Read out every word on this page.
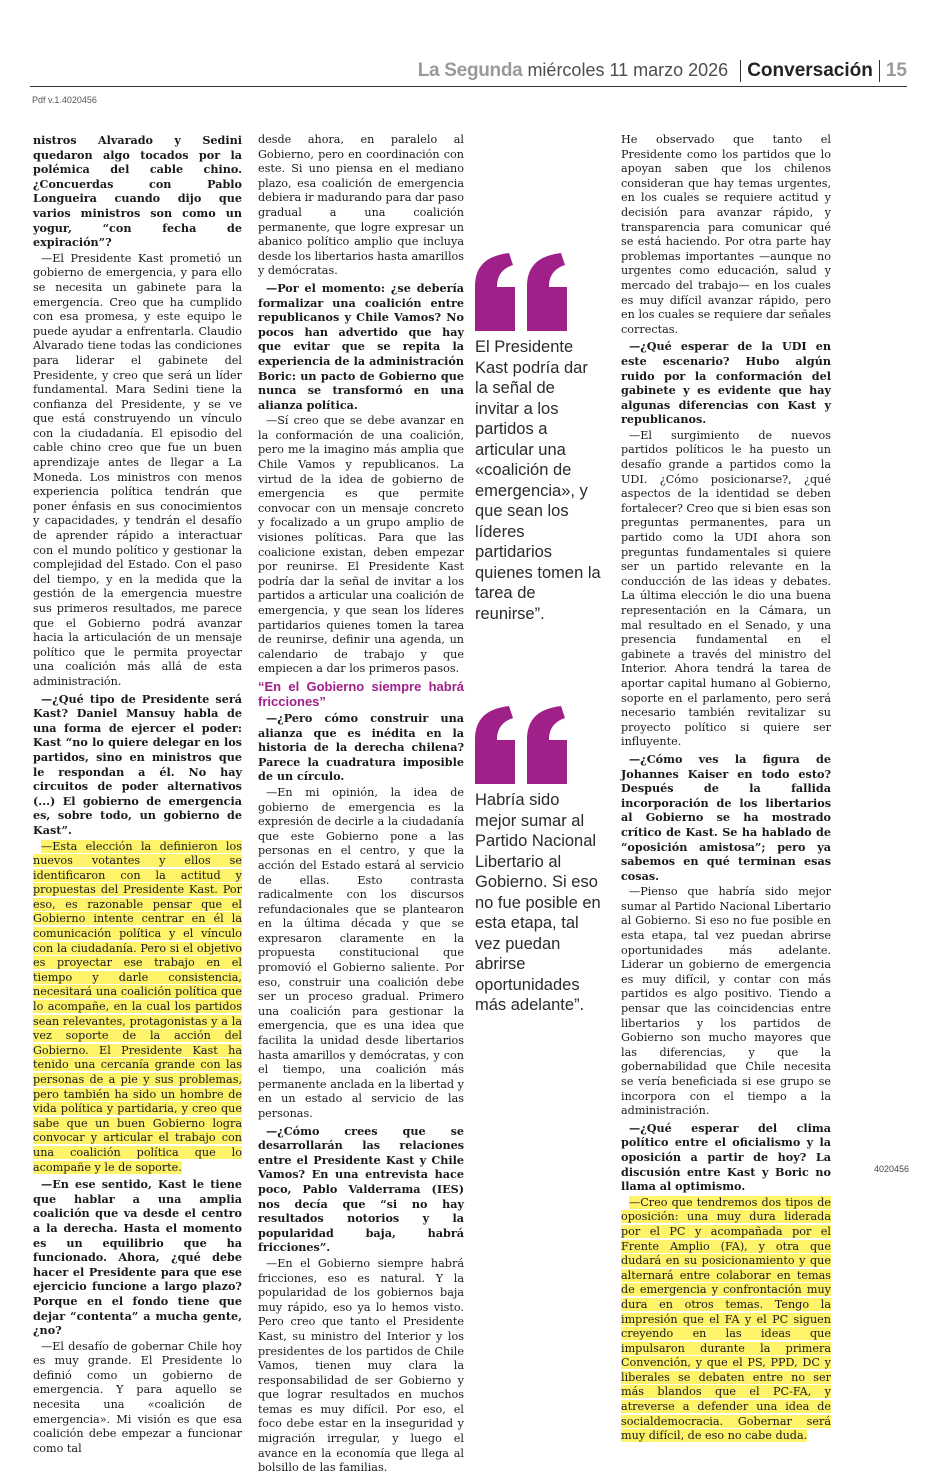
La Segunda miércoles 11 marzo 2026 Conversación 15
Pdf v.1.4020456

nistros Alvarado y Sedini quedaron algo tocados por la polémica del cable chino. ¿Concuerdas con Pablo Longueira cuando dijo que varios ministros son como un yogur, “con fecha de expiración”?

—El Presidente Kast prometió un gobierno de emergencia, y para ello se necesita un gabinete para la emergencia. Creo que ha cumplido con esa promesa, y este equipo le puede ayudar a enfrentarla. Claudio Alvarado tiene todas las condiciones para liderar el gabinete del Presidente, y creo que será un líder fundamental. Mara Sedini tiene la confianza del Presidente, y se ve que está construyendo un vínculo con la ciudadanía. El episodio del cable chino creo que fue un buen aprendizaje antes de llegar a La Moneda. Los ministros con menos experiencia política tendrán que poner énfasis en sus conocimientos y capacidades, y tendrán el desafío de aprender rápido a interactuar con el mundo político y gestionar la complejidad del Estado. Con el paso del tiempo, y en la medida que la gestión de la emergencia muestre sus primeros resultados, me parece que el Gobierno podrá avanzar hacia la articulación de un mensaje político que le permita proyectar una coalición más allá de esta administración.

—¿Qué tipo de Presidente será Kast? Daniel Mansuy habla de una forma de ejercer el poder: Kast “no lo quiere delegar en los partidos, sino en ministros que le respondan a él. No hay circuitos de poder alternativos (...) El gobierno de emergencia es, sobre todo, un gobierno de Kast”.

—Esta elección la definieron los nuevos votantes y ellos se identificaron con la actitud y propuestas del Presidente Kast. Por eso, es razonable pensar que el Gobierno intente centrar en él la comunicación política y el vínculo con la ciudadanía. Pero si el objetivo es proyectar ese trabajo en el tiempo y darle consistencia, necesitará una coalición política que lo acompañe, en la cual los partidos sean relevantes, protagonistas y a la vez soporte de la acción del Gobierno. El Presidente Kast ha tenido una cercanía grande con las personas de a pie y sus problemas, pero también ha sido un hombre de vida política y partidaria, y creo que sabe que un buen Gobierno logra convocar y articular el trabajo con una coalición política que lo acompañe y le de soporte.

—En ese sentido, Kast le tiene que hablar a una amplia coalición que va desde el centro a la derecha. Hasta el momento es un equilibrio que ha funcionado. Ahora, ¿qué debe hacer el Presidente para que ese ejercicio funcione a largo plazo? Porque en el fondo tiene que dejar “contenta” a mucha gente, ¿no?

—El desafío de gobernar Chile hoy es muy grande. El Presidente lo definió como un gobierno de emergencia. Y para aquello se necesita una «coalición de emergencia». Mi visión es que esa coalición debe empezar a funcionar como tal

desde ahora, en paralelo al Gobierno, pero en coordinación con este. Si uno piensa en el mediano plazo, esa coalición de emergencia debiera ir madurando para dar paso gradual a una coalición permanente, que logre expresar un abanico político amplio que incluya desde los libertarios hasta amarillos y demócratas.

—Por el momento: ¿se debería formalizar una coalición entre republicanos y Chile Vamos? No pocos han advertido que hay que evitar que se repita la experiencia de la administración Boric: un pacto de Gobierno que nunca se transformó en una alianza política.

—Sí creo que se debe avanzar en la conformación de una coalición, pero me la imagino más amplia que Chile Vamos y republicanos. La virtud de la idea de gobierno de emergencia es que permite convocar con un mensaje concreto y focalizado a un grupo amplio de visiones políticas. Para que las coalicione existan, deben empezar por reunirse. El Presidente Kast podría dar la señal de invitar a los partidos a articular una coalición de emergencia, y que sean los líderes partidarios quienes tomen la tarea de reunirse, definir una agenda, un calendario de trabajo y que empiecen a dar los primeros pasos.

“En el Gobierno siempre habrá fricciones”

—¿Pero cómo construir una alianza que es inédita en la historia de la derecha chilena? Parece la cuadratura imposible de un círculo.

—En mi opinión, la idea de gobierno de emergencia es la expresión de decirle a la ciudadanía que este Gobierno pone a las personas en el centro, y que la acción del Estado estará al servicio de ellas. Esto contrasta radicalmente con los discursos refundacionales que se plantearon en la última década y que se expresaron claramente en la propuesta constitucional que promovió el Gobierno saliente. Por eso, construir una coalición debe ser un proceso gradual. Primero una coalición para gestionar la emergencia, que es una idea que facilita la unidad desde libertarios hasta amarillos y demócratas, y con el tiempo, una coalición más permanente anclada en la libertad y en un estado al servicio de las personas.

—¿Cómo crees que se desarrollarán las relaciones entre el Presidente Kast y Chile Vamos? En una entrevista hace poco, Pablo Valderrama (IES) nos decía que “si no hay resultados notorios y la popularidad baja, habrá fricciones”.

—En el Gobierno siempre habrá fricciones, eso es natural. Y la popularidad de los gobiernos baja muy rápido, eso ya lo hemos visto. Pero creo que tanto el Presidente Kast, su ministro del Interior y los presidentes de los partidos de Chile Vamos, tienen muy clara la responsabilidad de ser Gobierno y que lograr resultados en muchos temas es muy difícil. Por eso, el foco debe estar en la inseguridad y migración irregular, y luego el avance en la economía que llega al bolsillo de las familias.

El Presidente Kast podría dar la señal de invitar a los partidos a articular una «coalición de emergencia», y que sean los líderes partidarios quienes tomen la tarea de reunirse”.
Habría sido mejor sumar al Partido Nacional Libertario al Gobierno. Si eso no fue posible en esta etapa, tal vez puedan abrirse oportunidades más adelante”.

He observado que tanto el Presidente como los partidos que lo apoyan saben que los chilenos consideran que hay temas urgentes, en los cuales se requiere actitud y decisión para avanzar rápido, y transparencia para comunicar qué se está haciendo. Por otra parte hay problemas importantes —aunque no urgentes como educación, salud y mercado del trabajo— en los cuales es muy difícil avanzar rápido, pero en los cuales se requiere dar señales correctas.

—¿Qué esperar de la UDI en este escenario? Hubo algún ruido por la conformación del gabinete y es evidente que hay algunas diferencias con Kast y republicanos.

—El surgimiento de nuevos partidos políticos le ha puesto un desafío grande a partidos como la UDI. ¿Cómo posicionarse?, ¿qué aspectos de la identidad se deben fortalecer? Creo que si bien esas son preguntas permanentes, para un partido como la UDI ahora son preguntas fundamentales si quiere ser un partido relevante en la conducción de las ideas y debates. La última elección le dio una buena representación en la Cámara, un mal resultado en el Senado, y una presencia fundamental en el gabinete a través del ministro del Interior. Ahora tendrá la tarea de aportar capital humano al Gobierno, soporte en el parlamento, pero será necesario también revitalizar su proyecto político si quiere ser influyente.

—¿Cómo ves la figura de Johannes Kaiser en todo esto? Después de la fallida incorporación de los libertarios al Gobierno se ha mostrado crítico de Kast. Se ha hablado de “oposición amistosa”; pero ya sabemos en qué terminan esas cosas.

—Pienso que habría sido mejor sumar al Partido Nacional Libertario al Gobierno. Si eso no fue posible en esta etapa, tal vez puedan abrirse oportunidades más adelante. Liderar un gobierno de emergencia es muy difícil, y contar con más partidos es algo positivo. Tiendo a pensar que las coincidencias entre libertarios y los partidos de Gobierno son mucho mayores que las diferencias, y que la gobernabilidad que Chile necesita se vería beneficiada si ese grupo se incorpora con el tiempo a la administración.

—¿Qué esperar del clima político entre el oficialismo y la oposición a partir de hoy? La discusión entre Kast y Boric no llama al optimismo.

—Creo que tendremos dos tipos de oposición: una muy dura liderada por el PC y acompañada por el Frente Amplio (FA), y otra que dudará en su posicionamiento y que alternará entre colaborar en temas de emergencia y confrontación muy dura en otros temas. Tengo la impresión que el FA y el PC siguen creyendo en las ideas que impulsaron durante la primera Convención, y que el PS, PPD, DC y liberales se debaten entre no ser más blandos que el PC-FA, y atreverse a defender una idea de socialdemocracia. Gobernar será muy difícil, de eso no cabe duda.

4020456
